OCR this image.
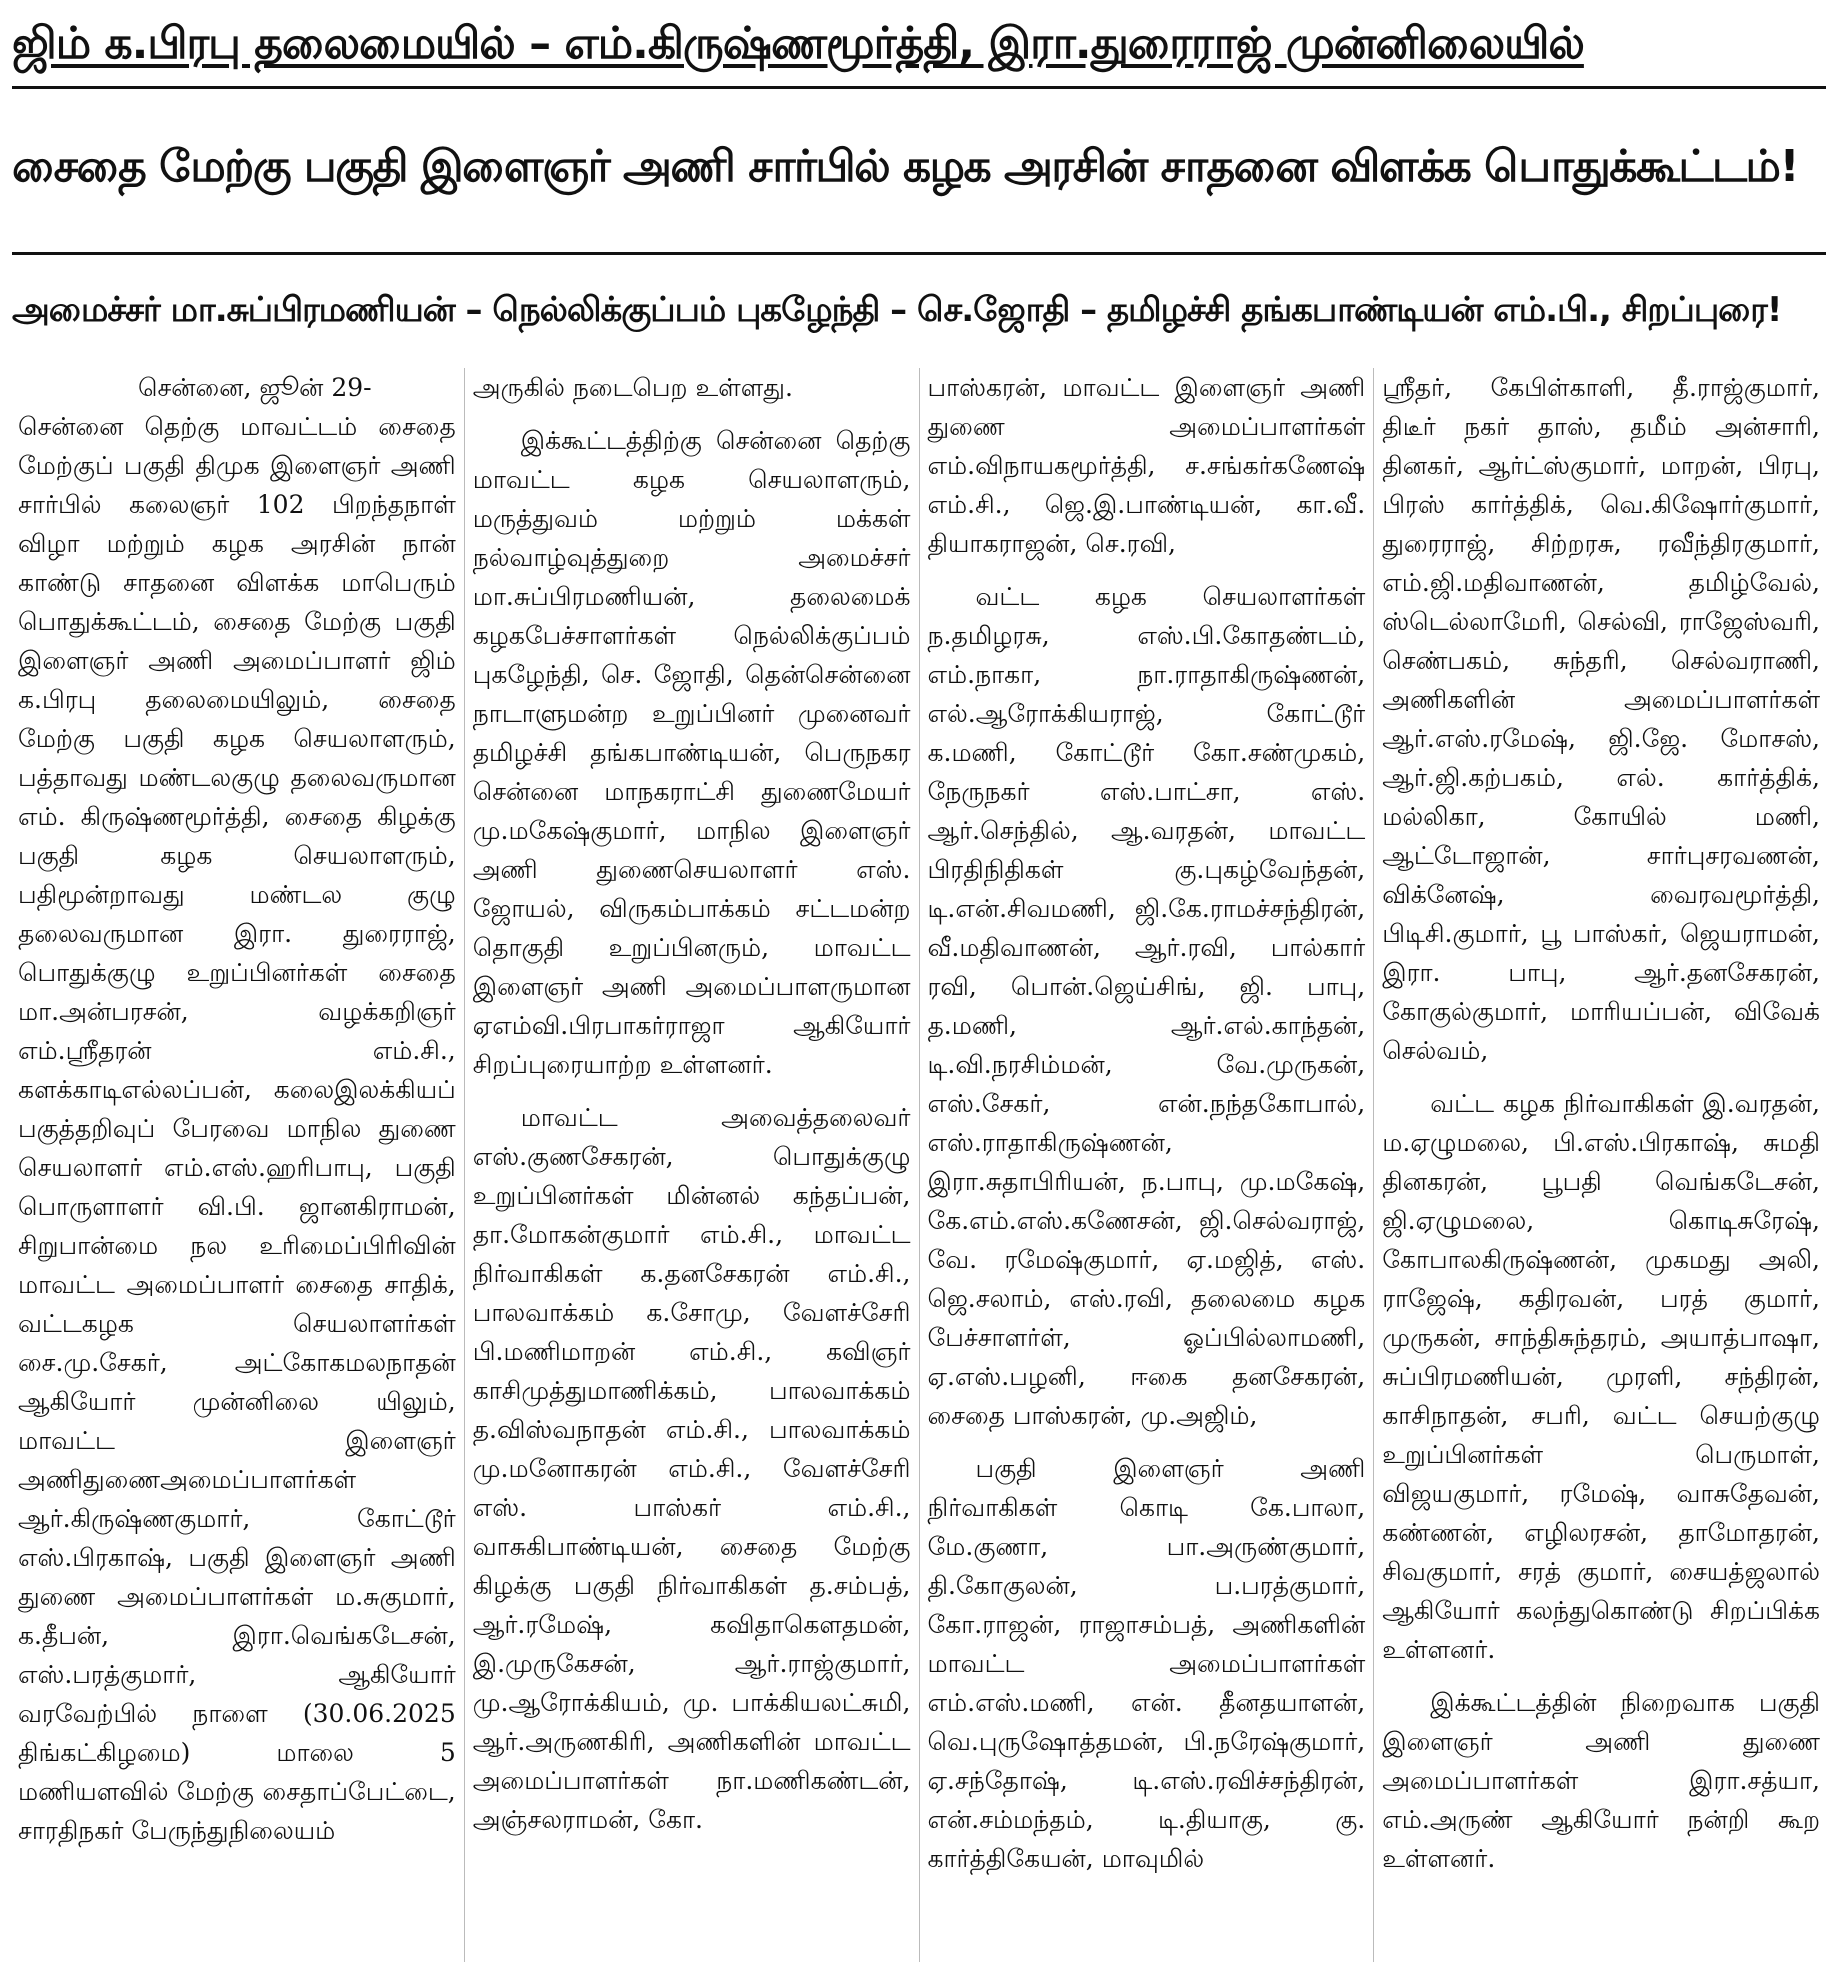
ஜிம் க.பிரபு தலைமையில் – எம்.கிருஷ்ணமூர்த்தி, இரா.துரைராஜ் முன்னிலையில்
சைதை மேற்கு பகுதி இளைஞர் அணி சார்பில் கழக அரசின் சாதனை விளக்க பொதுக்கூட்டம்!
அமைச்சர் மா.சுப்பிரமணியன் – நெல்லிக்குப்பம் புகழேந்தி – செ.ஜோதி – தமிழச்சி தங்கபாண்டியன் எம்.பி., சிறப்புரை!

சென்னை, ஜூன் 29-
சென்னை தெற்கு மாவட்டம் சைதை மேற்குப் பகுதி திமுக இளைஞர் அணி சார்பில் கலைஞர் 102 பிறந்தநாள் விழா மற்றும் கழக அரசின் நான் காண்டு சாதனை விளக்க மாபெரும் பொதுக்கூட்டம், சைதை மேற்கு பகுதி இளைஞர் அணி அமைப்பாளர் ஜிம் க.பிரபு தலைமையிலும், சைதை மேற்கு பகுதி கழக செயலாளரும், பத்தாவது மண்டலகுழு தலைவருமான எம். கிருஷ்ணமூர்த்தி, சைதை கிழக்கு பகுதி கழக செயலாளரும், பதிமூன்றாவது மண்டல குழு தலைவருமான இரா. துரைராஜ், பொதுக்குழு உறுப்பினர்கள் சைதை மா.அன்பரசன், வழக்கறிஞர் எம்.ஸ்ரீதரன் எம்.சி., களக்காடிஎல்லப்பன், கலைஇலக்கியப் பகுத்தறிவுப் பேரவை மாநில துணை செயலாளர் எம்.எஸ்.ஹரிபாபு, பகுதி பொருளாளர் வி.பி. ஜானகிராமன், சிறுபான்மை நல உரிமைப்பிரிவின் மாவட்ட அமைப்பாளர் சைதை சாதிக், வட்டகழக செயலாளர்கள் சை.மு.சேகர், அட்கோகமலநாதன் ஆகியோர் முன்னிலை யிலும், மாவட்ட இளைஞர் அணிதுணைஅமைப்பாளர்கள் ஆர்.கிருஷ்ணகுமார், கோட்டூர் எஸ்.பிரகாஷ், பகுதி இளைஞர் அணி துணை அமைப்பாளர்கள் ம.சுகுமார், க.தீபன், இரா.வெங்கடேசன், எஸ்.பரத்குமார், ஆகியோர் வரவேற்பில் நாளை (30.06.2025 திங்கட்கிழமை) மாலை 5 மணியளவில் மேற்கு சைதாப்பேட்டை, சாரதிநகர் பேருந்துநிலையம்

அருகில் நடைபெற உள்ளது.

இக்கூட்டத்திற்கு சென்னை தெற்கு மாவட்ட கழக செயலாளரும், மருத்துவம் மற்றும் மக்கள் நல்வாழ்வுத்துறை அமைச்சர் மா.சுப்பிரமணியன், தலைமைக் கழகபேச்சாளர்கள் நெல்லிக்குப்பம் புகழேந்தி, செ. ஜோதி, தென்சென்னை நாடாளுமன்ற உறுப்பினர் முனைவர் தமிழச்சி தங்கபாண்டியன், பெருநகர சென்னை மாநகராட்சி துணைமேயர் மு.மகேஷ்குமார், மாநில இளைஞர் அணி துணைசெயலாளர் எஸ். ஜோயல், விருகம்பாக்கம் சட்டமன்ற தொகுதி உறுப்பினரும், மாவட்ட இளைஞர் அணி அமைப்பாளருமான ஏஎம்வி.பிரபாகர்ராஜா ஆகியோர் சிறப்புரையாற்ற உள்ளனர்.

மாவட்ட அவைத்தலைவர் எஸ்.குணசேகரன், பொதுக்குழு உறுப்பினர்கள் மின்னல் கந்தப்பன், தா.மோகன்குமார் எம்.சி., மாவட்ட நிர்வாகிகள் க.தனசேகரன் எம்.சி., பாலவாக்கம் க.சோமு, வேளச்சேரி பி.மணிமாறன் எம்.சி., கவிஞர் காசிமுத்துமாணிக்கம், பாலவாக்கம் த.விஸ்வநாதன் எம்.சி., பாலவாக்கம் மு.மனோகரன் எம்.சி., வேளச்சேரி எஸ். பாஸ்கர் எம்.சி., வாசுகிபாண்டியன், சைதை மேற்கு கிழக்கு பகுதி நிர்வாகிகள் த.சம்பத், ஆர்.ரமேஷ், கவிதாகௌதமன், இ.முருகேசன், ஆர்.ராஜ்குமார், மு.ஆரோக்கியம், மு. பாக்கியலட்சுமி, ஆர்.அருணகிரி, அணிகளின் மாவட்ட அமைப்பாளர்கள் நா.மணிகண்டன், அஞ்சலராமன், கோ.

பாஸ்கரன், மாவட்ட இளைஞர் அணி துணை அமைப்பாளர்கள் எம்.விநாயகமூர்த்தி, ச.சங்கர்கணேஷ் எம்.சி., ஜெ.இ.பாண்டியன், கா.வீ. தியாகராஜன், செ.ரவி,

வட்ட கழக செயலாளர்கள் ந.தமிழரசு, எஸ்.பி.கோதண்டம், எம்.நாகா, நா.ராதாகிருஷ்ணன், எல்.ஆரோக்கியராஜ், கோட்டூர் க.மணி, கோட்டூர் கோ.சண்முகம், நேருநகர் எஸ்.பாட்சா, எஸ். ஆர்.செந்தில், ஆ.வரதன், மாவட்ட பிரதிநிதிகள் கு.புகழ்வேந்தன், டி.என்.சிவமணி, ஜி.கே.ராமச்சந்திரன், வீ.மதிவாணன், ஆர்.ரவி, பால்கார் ரவி, பொன்.ஜெய்சிங், ஜி. பாபு, த.மணி, ஆர்.எல்.காந்தன், டி.வி.நரசிம்மன், வே.முருகன், எஸ்.சேகர், என்.நந்தகோபால், எஸ்.ராதாகிருஷ்ணன், இரா.சுதாபிரியன், ந.பாபு, மு.மகேஷ், கே.எம்.எஸ்.கணேசன், ஜி.செல்வராஜ், வே. ரமேஷ்குமார், ஏ.மஜித், எஸ். ஜெ.சலாம், எஸ்.ரவி, தலைமை கழக பேச்சாளர்ள், ஓப்பில்லாமணி, ஏ.எஸ்.பழனி, ஈகை தனசேகரன், சைதை பாஸ்கரன், மு.அஜிம்,

பகுதி இளைஞர் அணி நிர்வாகிகள் கொடி கே.பாலா, மே.குணா, பா.அருண்குமார், தி.கோகுலன், ப.பரத்குமார், கோ.ராஜன், ராஜாசம்பத், அணிகளின் மாவட்ட அமைப்பாளர்கள் எம்.எஸ்.மணி, என். தீனதயாளன், வெ.புருஷோத்தமன், பி.நரேஷ்குமார், ஏ.சந்தோஷ், டி.எஸ்.ரவிச்சந்திரன், என்.சம்மந்தம், டி.தியாகு, கு. கார்த்திகேயன், மாவுமில்

ஸ்ரீதர், கேபிள்காளி, தீ.ராஜ்குமார், திடீர் நகர் தாஸ், தமீம் அன்சாரி, தினகர், ஆர்ட்ஸ்குமார், மாறன், பிரபு, பிரஸ் கார்த்திக், வெ.கிஷோர்குமார், துரைராஜ், சிற்றரசு, ரவீந்திரகுமார், எம்.ஜி.மதிவாணன், தமிழ்வேல், ஸ்டெல்லாமேரி, செல்வி, ராஜேஸ்வரி, செண்பகம், சுந்தரி, செல்வராணி, அணிகளின் அமைப்பாளர்கள் ஆர்.எஸ்.ரமேஷ், ஜி.ஜே. மோசஸ், ஆர்.ஜி.கற்பகம், எல். கார்த்திக், மல்லிகா, கோயில் மணி, ஆட்டோஜான், சார்புசரவணன், விக்னேஷ், வைரவமூர்த்தி, பிடிசி.குமார், பூ பாஸ்கர், ஜெயராமன், இரா. பாபு, ஆர்.தனசேகரன், கோகுல்குமார், மாரியப்பன், விவேக் செல்வம்,

வட்ட கழக நிர்வாகிகள் இ.வரதன், ம.ஏழுமலை, பி.எஸ்.பிரகாஷ், சுமதி தினகரன், பூபதி வெங்கடேசன், ஜி.ஏழுமலை, கொடிசுரேஷ், கோபாலகிருஷ்ணன், முகமது அலி, ராஜேஷ், கதிரவன், பரத் குமார், முருகன், சாந்திசுந்தரம், அயாத்பாஷா, சுப்பிரமணியன், முரளி, சந்திரன், காசிநாதன், சபரி, வட்ட செயற்குழு உறுப்பினர்கள் பெருமாள், விஜயகுமார், ரமேஷ், வாசுதேவன், கண்ணன், எழிலரசன், தாமோதரன், சிவகுமார், சரத் குமார், சையத்ஜலால் ஆகியோர் கலந்துகொண்டு சிறப்பிக்க உள்ளனர்.

இக்கூட்டத்தின் நிறைவாக பகுதி இளைஞர் அணி துணை அமைப்பாளர்கள் இரா.சத்யா, எம்.அருண் ஆகியோர் நன்றி கூற உள்ளனர்.
